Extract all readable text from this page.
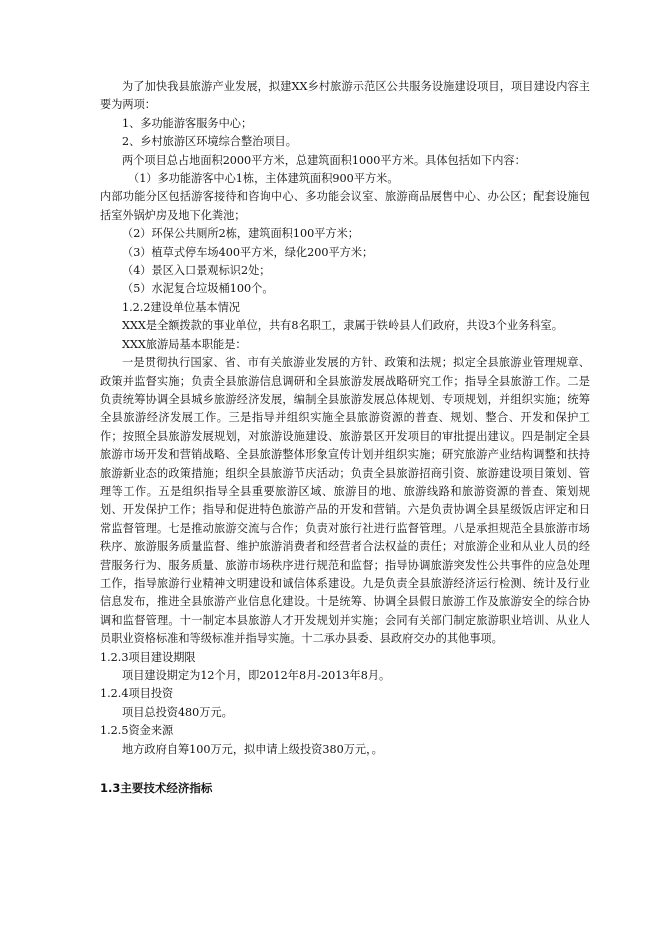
为了加快我县旅游产业发展，拟建XX乡村旅游示范区公共服务设施建设项目，项目建设内容主要为两项：

1、多功能游客服务中心；

2、乡村旅游区环境综合整治项目。

两个项目总占地面积2000平方米，总建筑面积1000平方米。具体包括如下内容：

（1）多功能游客中心1栋，主体建筑面积900平方米。

内部功能分区包括游客接待和咨询中心、多功能会议室、旅游商品展售中心、办公区；配套设施包括室外锅炉房及地下化粪池；

（2）环保公共厕所2栋，建筑面积100平方米；

（3）植草式停车场400平方米，绿化200平方米；

（4）景区入口景观标识2处；

（5）水泥复合垃圾桶100个。

1.2.2建设单位基本情况

XXX是全额拨款的事业单位，共有8名职工，隶属于铁岭县人们政府，共设3个业务科室。

XXX旅游局基本职能是：

一是贯彻执行国家、省、市有关旅游业发展的方针、政策和法规；拟定全县旅游业管理规章、政策并监督实施；负责全县旅游信息调研和全县旅游发展战略研究工作；指导全县旅游工作。二是负责统筹协调全县城乡旅游经济发展，编制全县旅游发展总体规划、专项规划，并组织实施；统筹全县旅游经济发展工作。三是指导并组织实施全县旅游资源的普查、规划、整合、开发和保护工作；按照全县旅游发展规划，对旅游设施建设、旅游景区开发项目的审批提出建议。四是制定全县旅游市场开发和营销战略、全县旅游整体形象宣传计划并组织实施；研究旅游产业结构调整和扶持旅游新业态的政策措施；组织全县旅游节庆活动；负责全县旅游招商引资、旅游建设项目策划、管理等工作。五是组织指导全县重要旅游区域、旅游目的地、旅游线路和旅游资源的普查、策划规划、开发保护工作；指导和促进特色旅游产品的开发和营销。六是负责协调全县星级饭店评定和日常监督管理。七是推动旅游交流与合作；负责对旅行社进行监督管理。八是承担规范全县旅游市场秩序、旅游服务质量监督、维护旅游消费者和经营者合法权益的责任；对旅游企业和从业人员的经营服务行为、服务质量、旅游市场秩序进行规范和监督；指导协调旅游突发性公共事件的应急处理工作，指导旅游行业精神文明建设和诚信体系建设。九是负责全县旅游经济运行检测、统计及行业信息发布，推进全县旅游产业信息化建设。十是统筹、协调全县假日旅游工作及旅游安全的综合协调和监督管理。十一制定本县旅游人才开发规划并实施；会同有关部门制定旅游职业培训、从业人员职业资格标准和等级标准并指导实施。十二承办县委、县政府交办的其他事项。

1.2.3项目建设期限

项目建设期定为12个月，即2012年8月-2013年8月。

1.2.4项目投资

项目总投资480万元。

1.2.5资金来源

地方政府自筹100万元，拟申请上级投资380万元，。

1.3主要技术经济指标
